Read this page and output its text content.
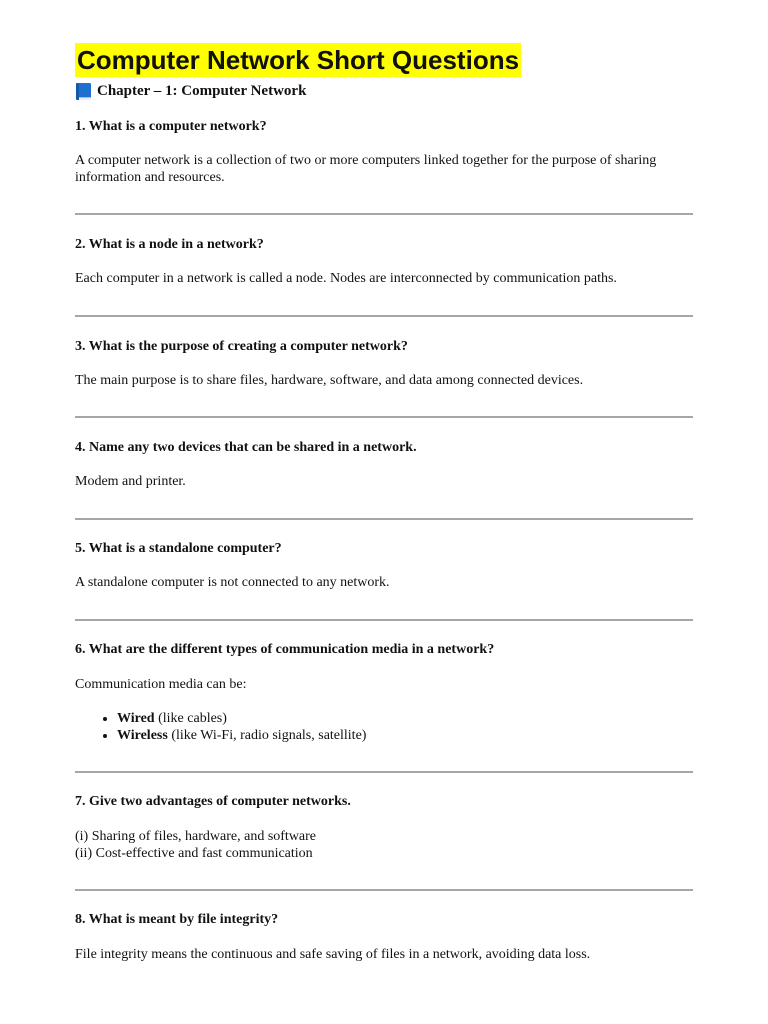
Computer Network Short Questions
Chapter – 1: Computer Network

1. What is a computer network?

A computer network is a collection of two or more computers linked together for the purpose of sharing

information and resources.

2. What is a node in a network?

Each computer in a network is called a node. Nodes are interconnected by communication paths.

3. What is the purpose of creating a computer network?

The main purpose is to share files, hardware, software, and data among connected devices.

4. Name any two devices that can be shared in a network.

Modem and printer.

5. What is a standalone computer?

A standalone computer is not connected to any network.

6. What are the different types of communication media in a network?

Communication media can be:

• Wired (like cables)
• Wireless (like Wi-Fi, radio signals, satellite)

7. Give two advantages of computer networks.

(i) Sharing of files, hardware, and software

(ii) Cost-effective and fast communication

8. What is meant by file integrity?

File integrity means the continuous and safe saving of files in a network, avoiding data loss.
